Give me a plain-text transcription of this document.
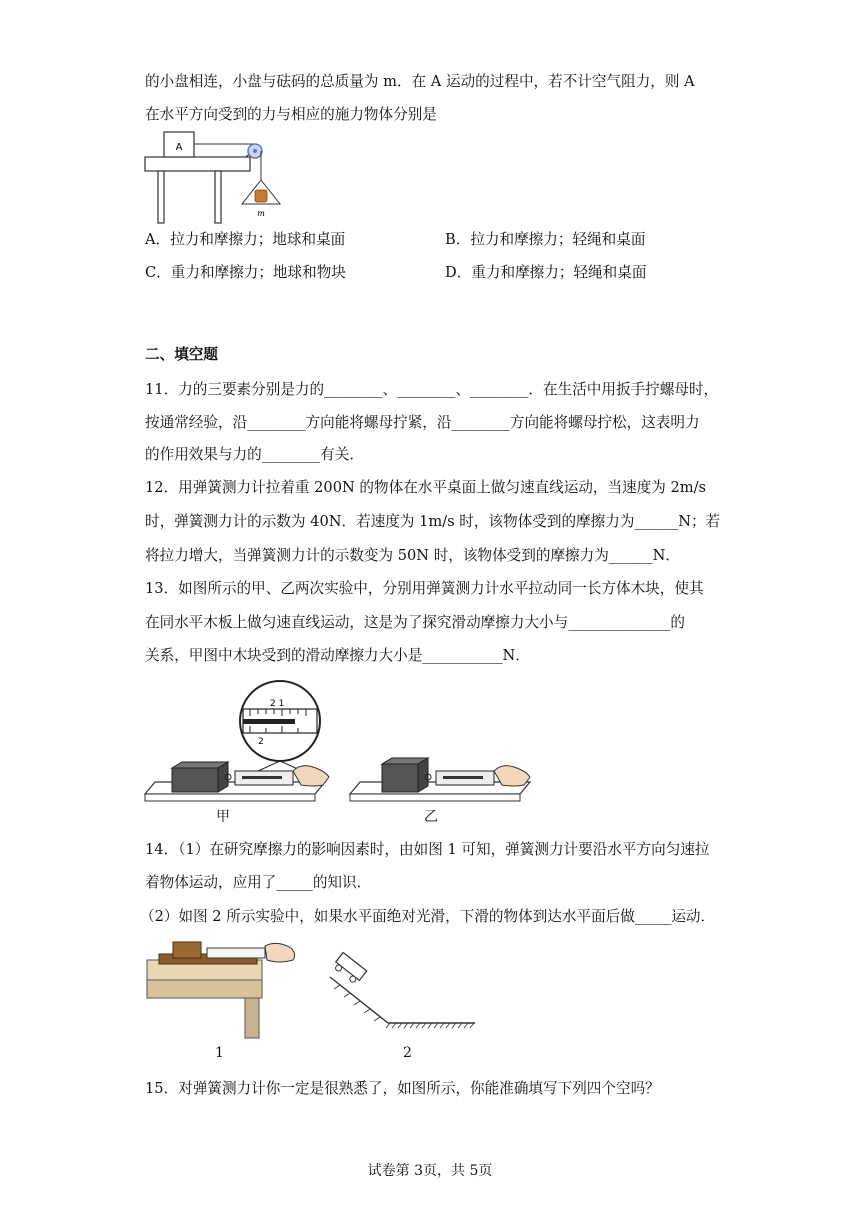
的小盘相连，小盘与砝码的总质量为 m．在 A 运动的过程中，若不计空气阻力，则 A
在水平方向受到的力与相应的施力物体分别是
A
m
A．拉力和摩擦力；地球和桌面	B．拉力和摩擦力；轻绳和桌面
C．重力和摩擦力；地球和物块	D．重力和摩擦力；轻绳和桌面
二、填空题
11．力的三要素分别是力的________、________、________．在生活中用扳手拧螺母时，
按通常经验，沿________方向能将螺母拧紧，沿________方向能将螺母拧松，这表明力
的作用效果与力的________有关．
12．用弹簧测力计拉着重 200N 的物体在水平桌面上做匀速直线运动，当速度为 2m/s
时，弹簧测力计的示数为 40N．若速度为 1m/s 时，该物体受到的摩擦力为______N；若
将拉力增大，当弹簧测力计的示数变为 50N 时，该物体受到的摩擦力为______N．
13．如图所示的甲、乙两次实验中，分别用弹簧测力计水平拉动同一长方体木块，使其
在同水平木板上做匀速直线运动，这是为了探究滑动摩擦力大小与______________的
关系，甲图中木块受到的滑动摩擦力大小是___________N．
2 1
2
甲	乙
14．（1）在研究摩擦力的影响因素时，由如图 1 可知，弹簧测力计要沿水平方向匀速拉
着物体运动，应用了_____的知识．
（2）如图 2 所示实验中，如果水平面绝对光滑，下滑的物体到达水平面后做_____运动．
1	2
15．对弹簧测力计你一定是很熟悉了，如图所示，你能准确填写下列四个空吗？
试卷第 3页，共 5页
